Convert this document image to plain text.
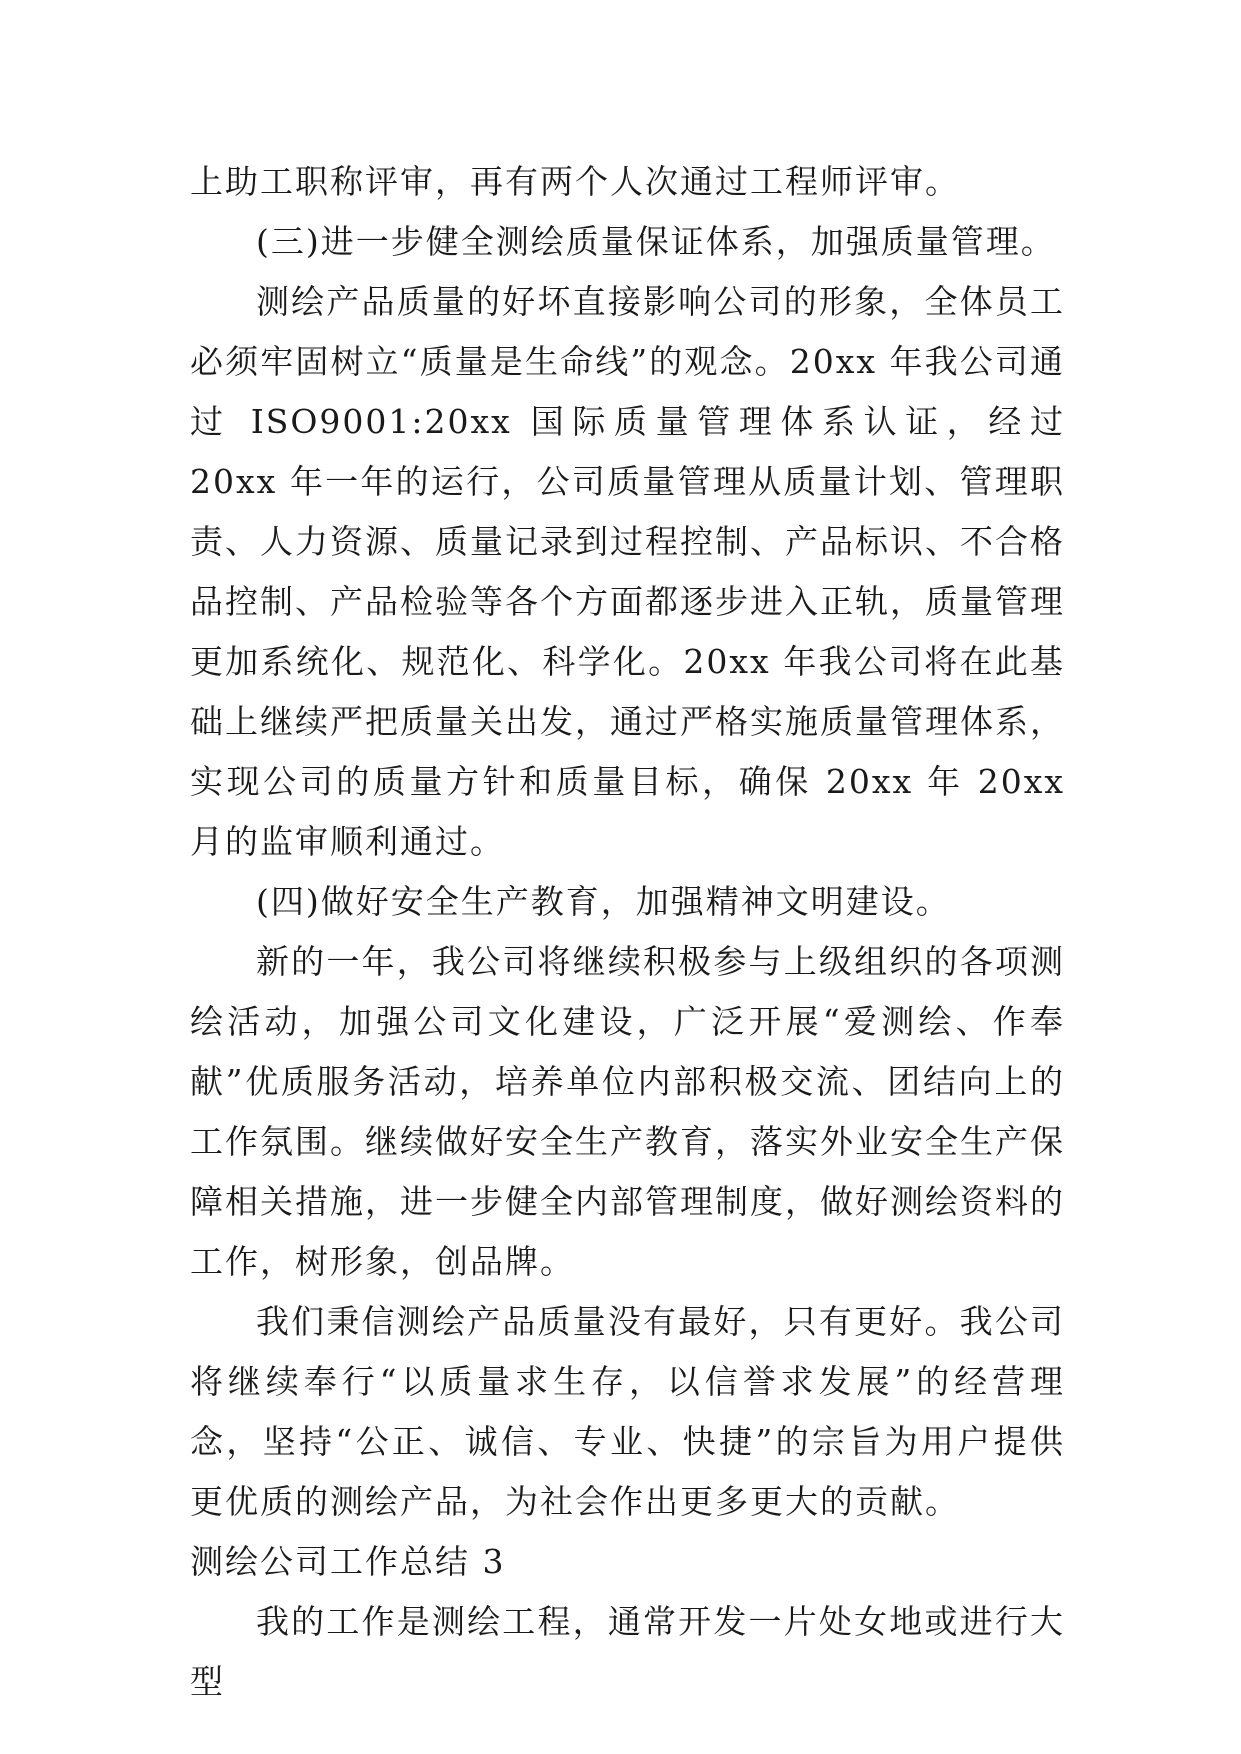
上助工职称评审，再有两个人次通过工程师评审。

(三)进一步健全测绘质量保证体系，加强质量管理。

测绘产品质量的好坏直接影响公司的形象，全体员工必须牢固树立“质量是生命线”的观念。20xx 年我公司通过 ISO9001:20xx 国际质量管理体系认证，经过 20xx 年一年的运行，公司质量管理从质量计划、管理职责、人力资源、质量记录到过程控制、产品标识、不合格品控制、产品检验等各个方面都逐步进入正轨，质量管理更加系统化、规范化、科学化。20xx 年我公司将在此基础上继续严把质量关出发，通过严格实施质量管理体系，实现公司的质量方针和质量目标，确保 20xx 年 20xx 月的监审顺利通过。

(四)做好安全生产教育，加强精神文明建设。

新的一年，我公司将继续积极参与上级组织的各项测绘活动，加强公司文化建设，广泛开展“爱测绘、作奉献”优质服务活动，培养单位内部积极交流、团结向上的工作氛围。继续做好安全生产教育，落实外业安全生产保障相关措施，进一步健全内部管理制度，做好测绘资料的工作，树形象，创品牌。

我们秉信测绘产品质量没有最好，只有更好。我公司将继续奉行“以质量求生存，以信誉求发展”的经营理念，坚持“公正、诚信、专业、快捷”的宗旨为用户提供更优质的测绘产品，为社会作出更多更大的贡献。

测绘公司工作总结 3

我的工作是测绘工程，通常开发一片处女地或进行大型
